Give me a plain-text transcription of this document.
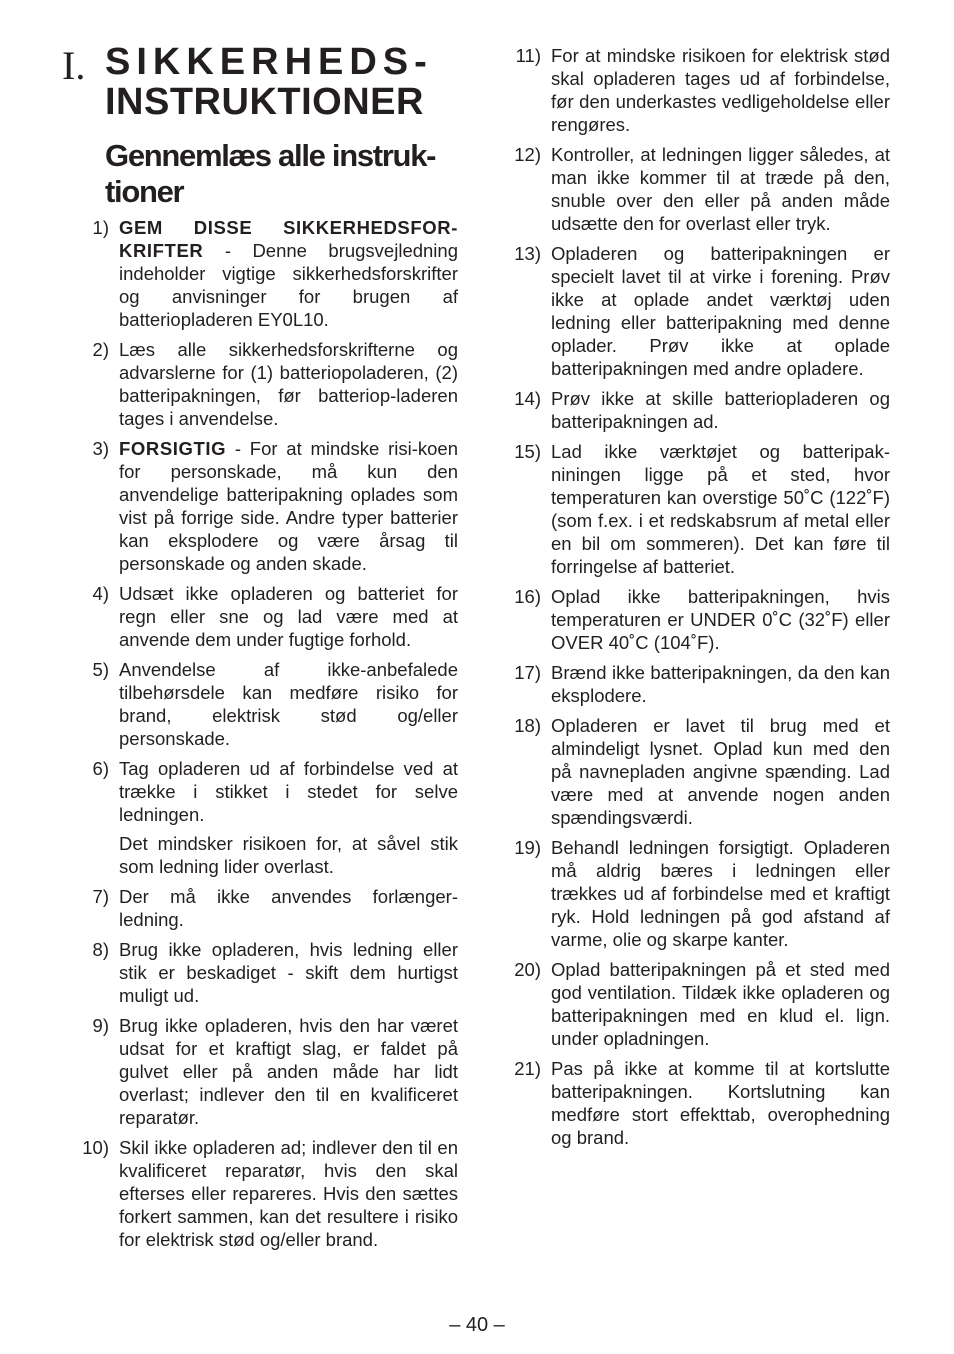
I. SIKKERHEDS-
INSTRUKTIONER
Gennemlæs alle instruk-tioner
1) GEM DISSE SIKKERHEDSFOR-KRIFTER - Denne brugsvejledning indeholder vigtige sikkerhedsforskrifter og anvisninger for brugen af batteriopladeren EY0L10.

2) Læs alle sikkerhedsforskrifterne og advarslerne for (1) batteriopoladeren, (2) batteripakningen, før batteriop-laderen tages i anvendelse.

3) FORSIGTIG - For at mindske risi-koen for personskade, må kun den anvendelige batteripakning oplades som vist på forrige side. Andre typer batterier kan eksplodere og være årsag til personskade og anden skade.

4) Udsæt ikke opladeren og batteriet for regn eller sne og lad være med at anvende dem under fugtige forhold.

5) Anvendelse af ikke-anbefalede tilbehørsdele kan medføre risiko for brand, elektrisk stød og/eller personskade.

6) Tag opladeren ud af forbindelse ved at trække i stikket i stedet for selve ledningen.

Det mindsker risikoen for, at såvel stik som ledning lider overlast.

7) Der må ikke anvendes forlænger-ledning.

8) Brug ikke opladeren, hvis ledning eller stik er beskadiget - skift dem hurtigst muligt ud.

9) Brug ikke opladeren, hvis den har været udsat for et kraftigt slag, er faldet på gulvet eller på anden måde har lidt overlast; indlever den til en kvalificeret reparatør.

10) Skil ikke opladeren ad; indlever den til en kvalificeret reparatør, hvis den skal efterses eller repareres. Hvis den sættes forkert sammen, kan det resultere i risiko for elektrisk stød og/eller brand.

11) For at mindske risikoen for elektrisk stød skal opladeren tages ud af forbindelse, før den underkastes vedligeholdelse eller rengøres.

12) Kontroller, at ledningen ligger således, at man ikke kommer til at træde på den, snuble over den eller på anden måde udsætte den for overlast eller tryk.

13) Opladeren og batteripakningen er specielt lavet til at virke i forening. Prøv ikke at oplade andet værktøj uden ledning eller batteripakning med denne oplader. Prøv ikke at oplade batteripakningen med andre opladere.

14) Prøv ikke at skille batteriopladeren og batteripakningen ad.

15) Lad ikke værktøjet og batteripak-niningen ligge på et sted, hvor temperaturen kan overstige 50˚C (122˚F) (som f.ex. i et redskabsrum af metal eller en bil om sommeren). Det kan føre til forringelse af batteriet.

16) Oplad ikke batteripakningen, hvis temperaturen er UNDER 0˚C (32˚F) eller OVER 40˚C (104˚F).

17) Brænd ikke batteripakningen, da den kan eksplodere.

18) Opladeren er lavet til brug med et almindeligt lysnet. Oplad kun med den på navnepladen angivne spænding. Lad være med at anvende nogen anden spændingsværdi.

19) Behandl ledningen forsigtigt. Opladeren må aldrig bæres i ledningen eller trækkes ud af forbindelse med et kraftigt ryk. Hold ledningen på god afstand af varme, olie og skarpe kanter.

20) Oplad batteripakningen på et sted med god ventilation. Tildæk ikke opladeren og batteripakningen med en klud el. lign. under opladningen.

21) Pas på ikke at komme til at kortslutte batteripakningen. Kortslutning kan medføre stort effekttab, overophedning og brand.

– 40 –
